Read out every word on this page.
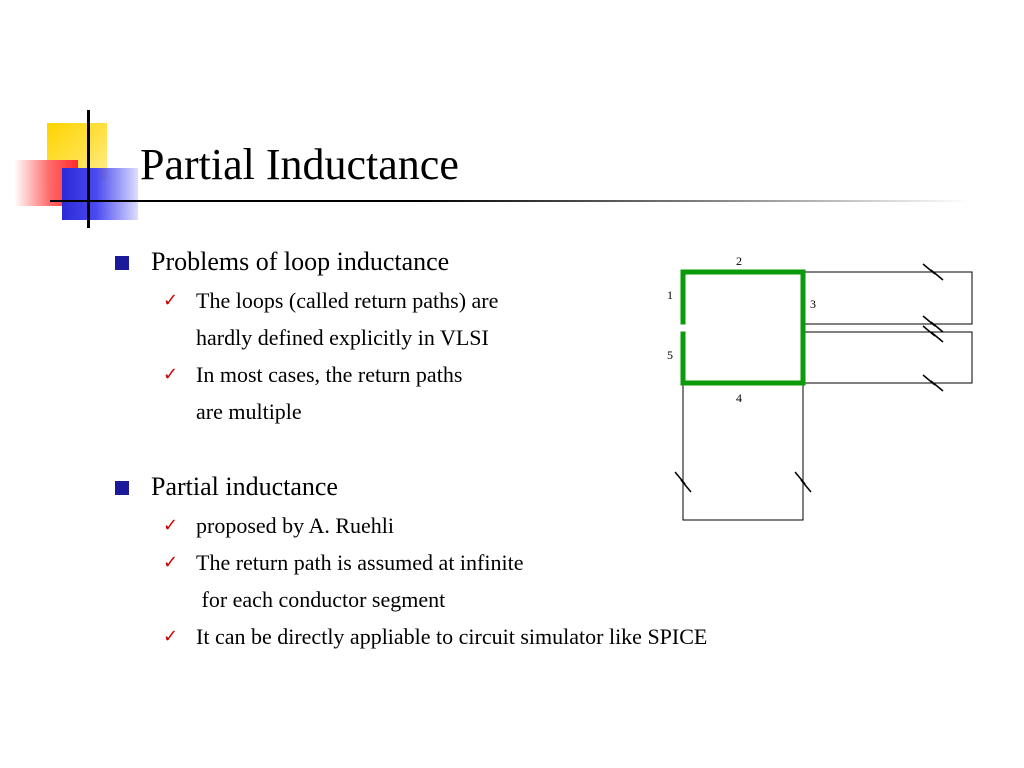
Partial Inductance
Problems of loop inductance
✓ The loops (called return paths) are
hardly defined explicitly in VLSI
✓ In most cases, the return paths
are multiple
Partial inductance
✓ proposed by A. Ruehli
✓ The return path is assumed at infinite
for each conductor segment
✓ It can be directly appliable to circuit simulator like SPICE
1
2
3
4
5
